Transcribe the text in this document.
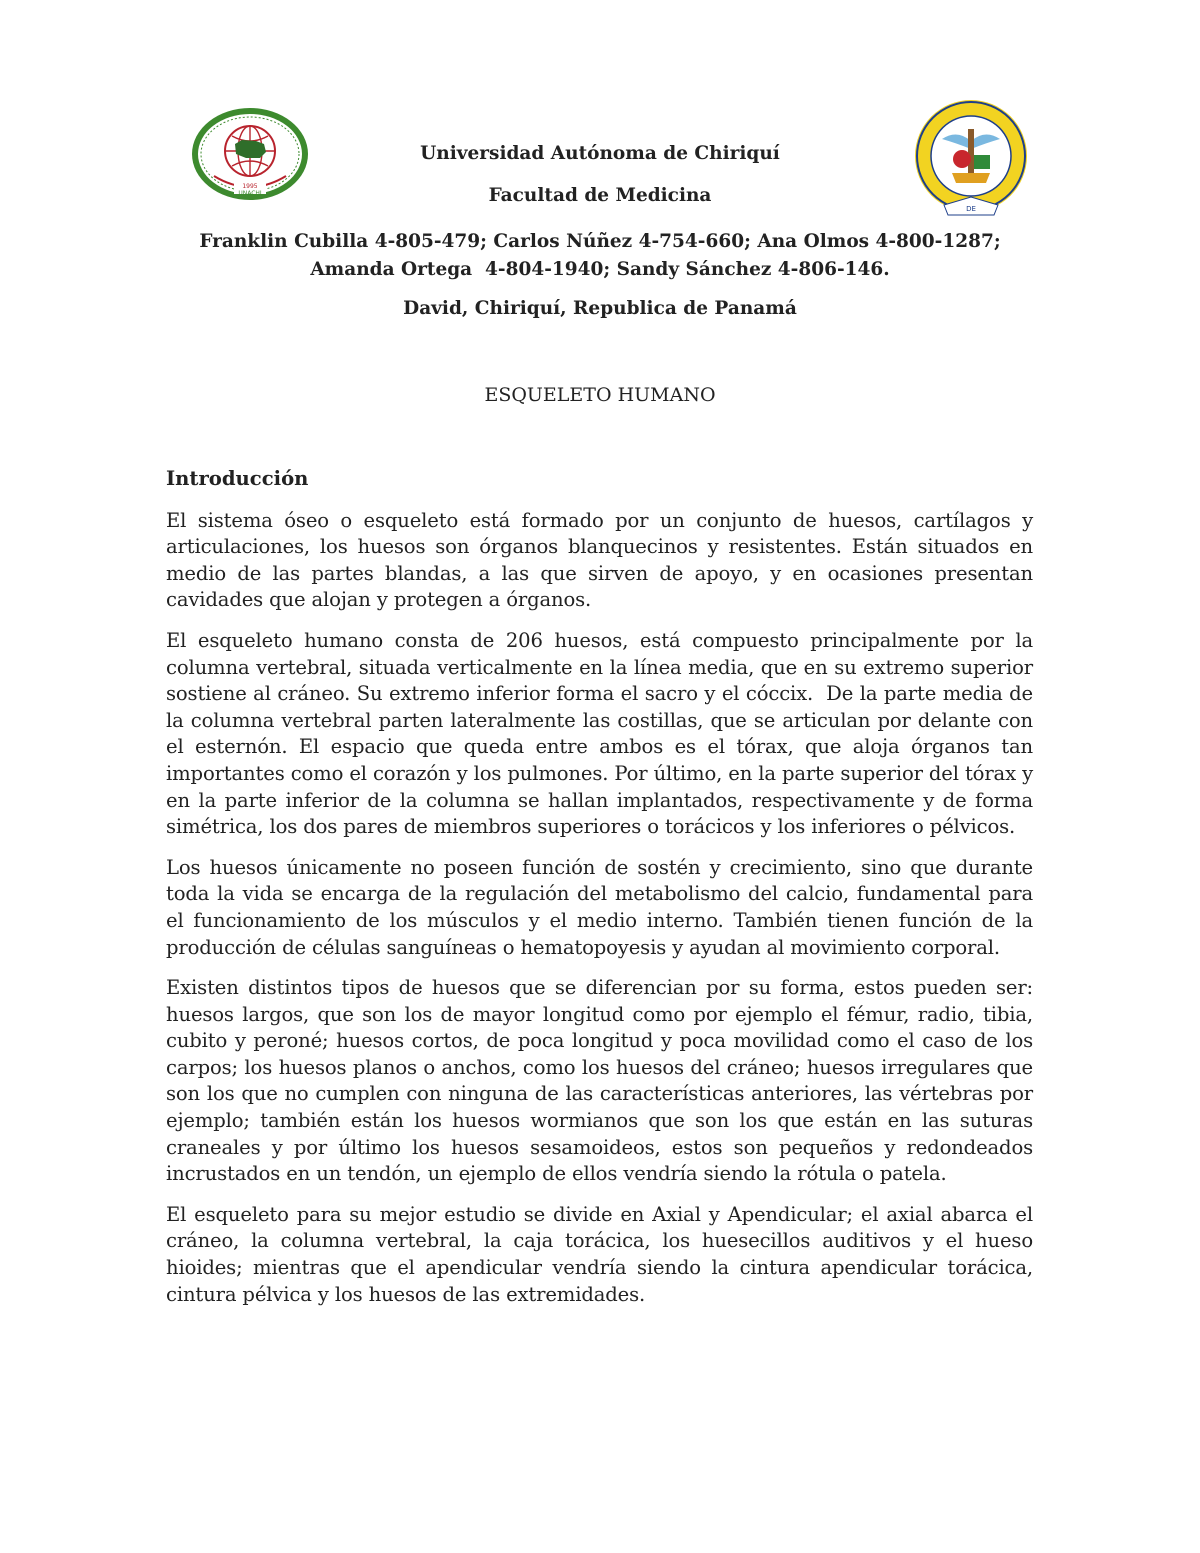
1995
UNACHI
DE
Universidad Autónoma de Chiriquí
Facultad de Medicina
Franklin Cubilla 4-805-479; Carlos Núñez 4-754-660; Ana Olmos 4-800-1287;
Amanda Ortega  4-804-1940; Sandy Sánchez 4-806-146.
David, Chiriquí, Republica de Panamá
ESQUELETO HUMANO
Introducción

El sistema óseo o esqueleto está formado por un conjunto de huesos, cartílagos y articulaciones, los huesos son órganos blanquecinos y resistentes. Están situados en medio de las partes blandas, a las que sirven de apoyo, y en ocasiones presentan cavidades que alojan y protegen a órganos.

El esqueleto humano consta de 206 huesos, está compuesto principalmente por la columna vertebral, situada verticalmente en la línea media, que en su extremo superior sostiene al cráneo. Su extremo inferior forma el sacro y el cóccix.  De la parte media de la columna vertebral parten lateralmente las costillas, que se articulan por delante con el esternón. El espacio que queda entre ambos es el tórax, que aloja órganos tan importantes como el corazón y los pulmones. Por último, en la parte superior del tórax y en la parte inferior de la columna se hallan implantados, respectivamente y de forma simétrica, los dos pares de miembros superiores o torácicos y los inferiores o pélvicos.

Los huesos únicamente no poseen función de sostén y crecimiento, sino que durante toda la vida se encarga de la regulación del metabolismo del calcio, fundamental para el funcionamiento de los músculos y el medio interno. También tienen función de la producción de células sanguíneas o hematopoyesis y ayudan al movimiento corporal.

Existen distintos tipos de huesos que se diferencian por su forma, estos pueden ser: huesos largos, que son los de mayor longitud como por ejemplo el fémur, radio, tibia, cubito y peroné; huesos cortos, de poca longitud y poca movilidad como el caso de los carpos; los huesos planos o anchos, como los huesos del cráneo; huesos irregulares que son los que no cumplen con ninguna de las características anteriores, las vértebras por ejemplo; también están los huesos wormianos que son los que están en las suturas craneales y por último los huesos sesamoideos, estos son pequeños y redondeados incrustados en un tendón, un ejemplo de ellos vendría siendo la rótula o patela.

El esqueleto para su mejor estudio se divide en Axial y Apendicular; el axial abarca el cráneo, la columna vertebral, la caja torácica, los huesecillos auditivos y el hueso hioides; mientras que el apendicular vendría siendo la cintura apendicular torácica, cintura pélvica y los huesos de las extremidades.
